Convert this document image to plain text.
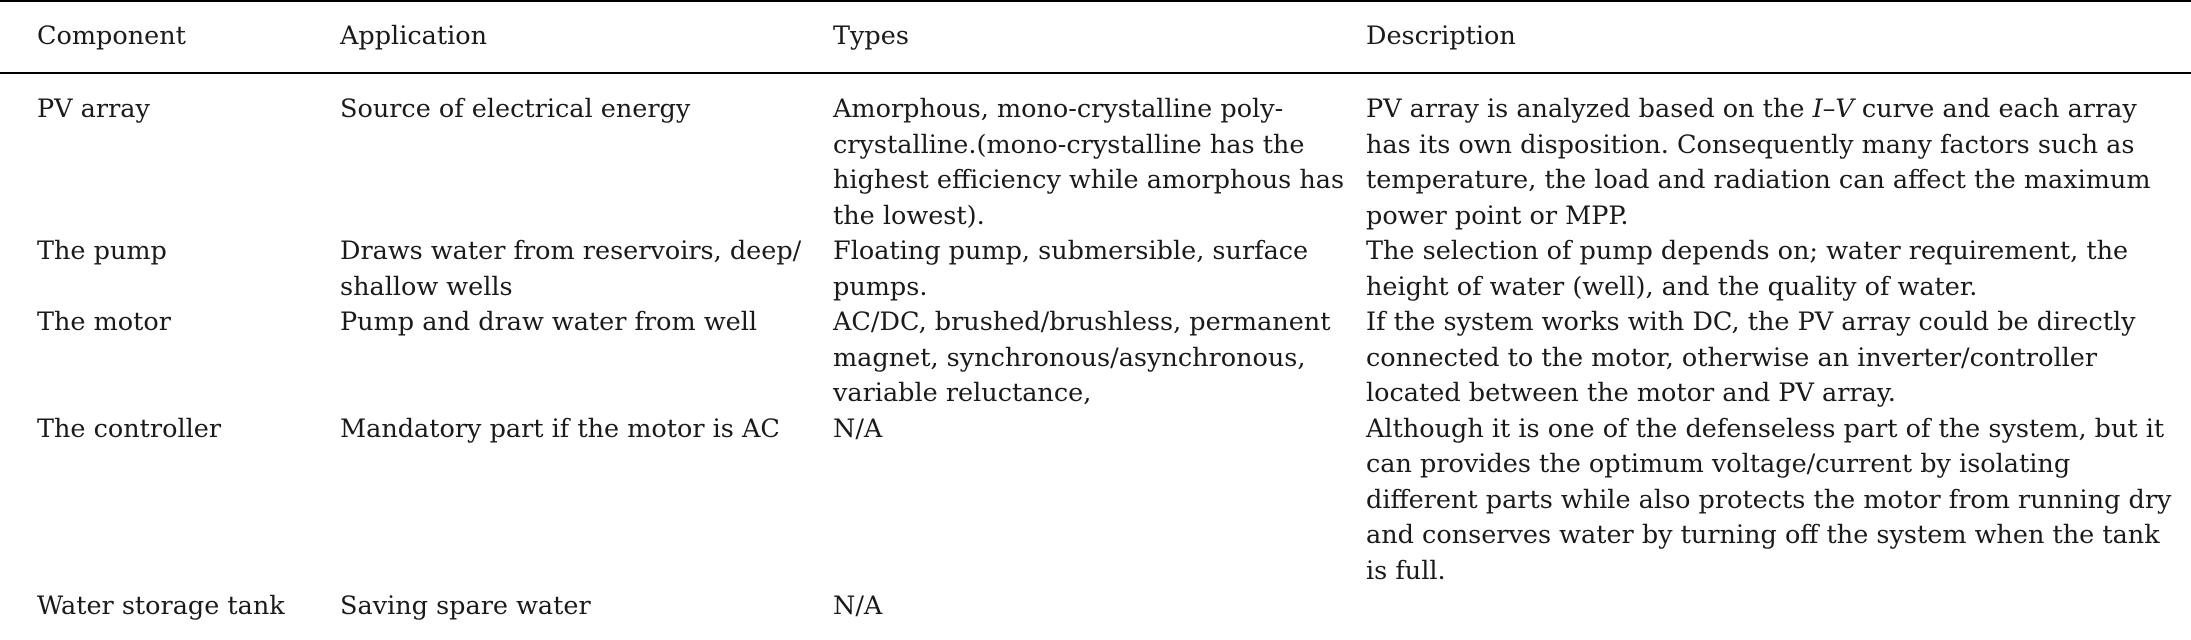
Component	Application	Types	Description
PV array	Source of electrical energy	Amorphous, mono-crystalline poly-crystalline.(mono-crystalline has the highest efficiency while amorphous has the lowest).	PV array is analyzed based on the I–V curve and each array has its own disposition. Consequently many factors such as temperature, the load and radiation can affect the maximum power point or MPP.
The pump	Draws water from reservoirs, deep/ shallow wells	Floating pump, submersible, surface pumps.	The selection of pump depends on; water requirement, the height of water (well), and the quality of water.
The motor	Pump and draw water from well	AC/DC, brushed/brushless, permanent magnet, synchronous/asynchronous, variable reluctance,	If the system works with DC, the PV array could be directly connected to the motor, otherwise an inverter/controller located between the motor and PV array.
The controller	Mandatory part if the motor is AC	N/A	Although it is one of the defenseless part of the system, but it can provides the optimum voltage/current by isolating different parts while also protects the motor from running dry and conserves water by turning off the system when the tank is full.
Water storage tank	Saving spare water	N/A	
